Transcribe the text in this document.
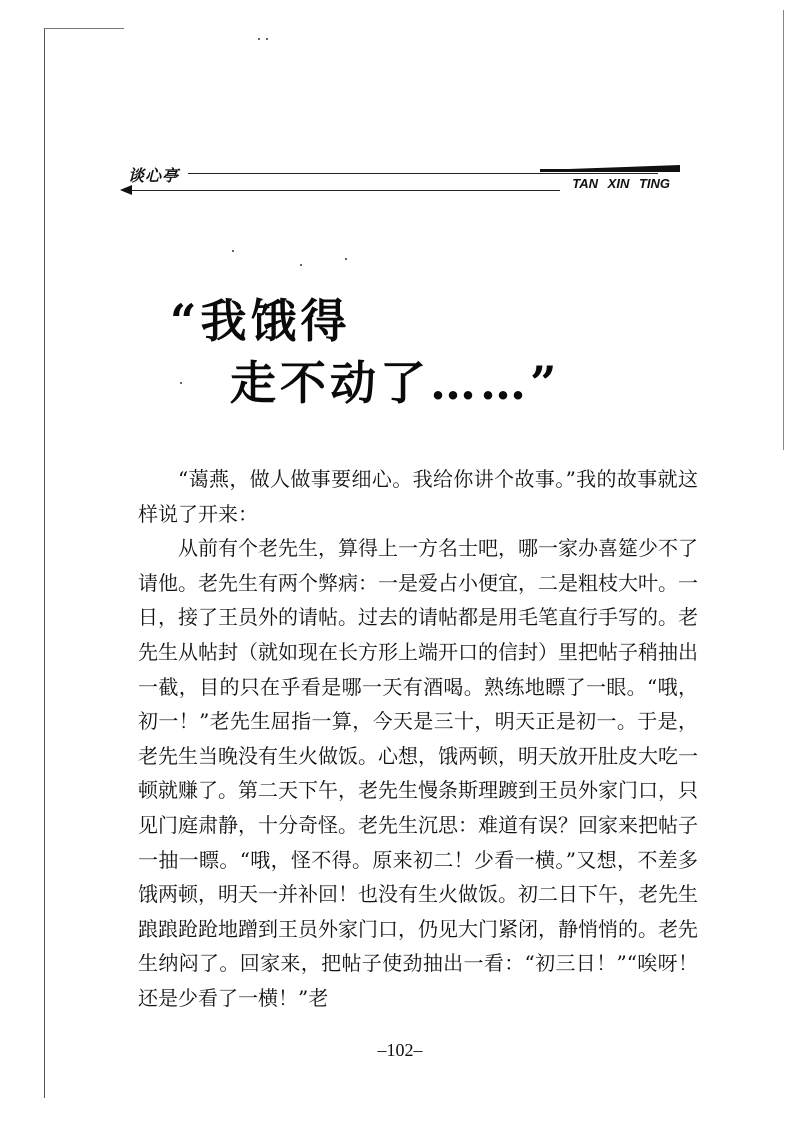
谈心亭	TAN XIN TING
“我饿得
走不动了……”

“蔼燕，做人做事要细心。我给你讲个故事。”我的故事就这样说了开来：

从前有个老先生，算得上一方名士吧，哪一家办喜筵少不了请他。老先生有两个弊病：一是爱占小便宜，二是粗枝大叶。一日，接了王员外的请帖。过去的请帖都是用毛笔直行手写的。老先生从帖封（就如现在长方形上端开口的信封）里把帖子稍抽出一截，目的只在乎看是哪一天有酒喝。熟练地瞟了一眼。“哦，初一！”老先生屈指一算，今天是三十，明天正是初一。于是，老先生当晚没有生火做饭。心想，饿两顿，明天放开肚皮大吃一顿就赚了。第二天下午，老先生慢条斯理踱到王员外家门口，只见门庭肃静，十分奇怪。老先生沉思：难道有误？回家来把帖子一抽一瞟。“哦，怪不得。原来初二！少看一横。”又想，不差多饿两顿，明天一并补回！也没有生火做饭。初二日下午，老先生踉踉跄跄地蹭到王员外家门口，仍见大门紧闭，静悄悄的。老先生纳闷了。回家来，把帖子使劲抽出一看：“初三日！”“唉呀！还是少看了一横！”老

–102–
